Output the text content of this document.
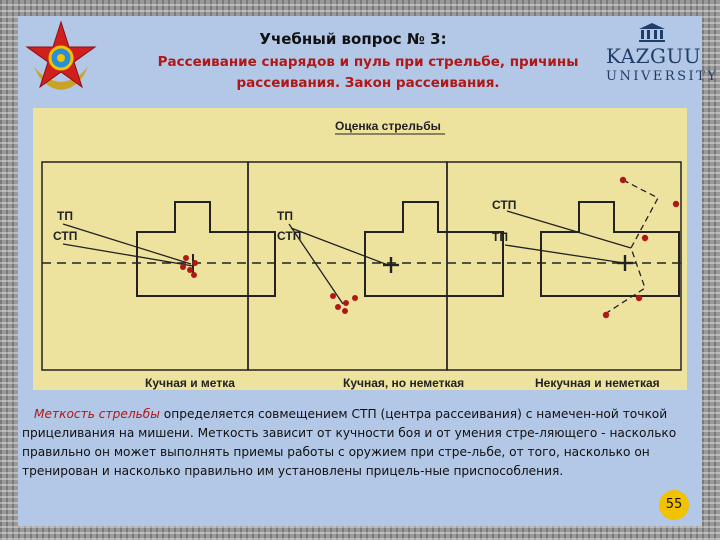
Учебный вопрос № 3:
Рассеивание снарядов и пуль при стрельбе, причины
рассеивания. Закон рассеивания.
KAZGUU
UNIVERSITY
Оценка стрельбы
ТП
СТП
Кучная и метка
ТП
СТП
Кучная, но неметкая
СТП
ТП
Некучная и неметкая
Меткость стрельбы определяется совмещением СТП (центра рассеивания) с намечен-ной точкой прицеливания на мишени. Меткость зависит от кучности боя и от умения стре-ляющего - насколько правильно он может выполнять приемы работы с оружием при стре-льбе, от того, насколько он тренирован и насколько правильно им установлены прицель-ные приспособления.
55
